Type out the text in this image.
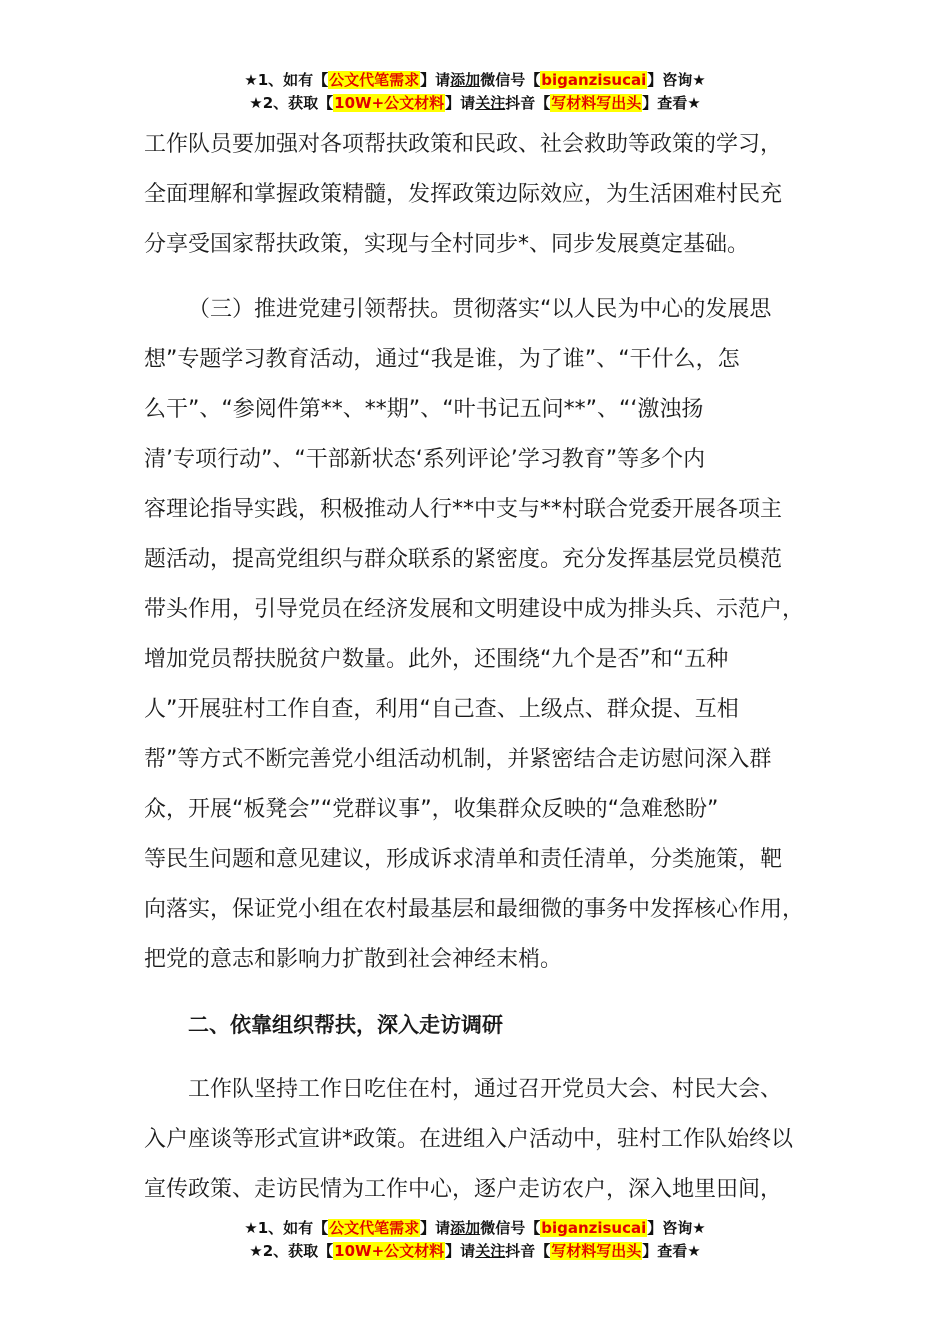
★1、如有【公文代笔需求】请添加微信号【biganzisucai】咨询★
★2、获取【10W+公文材料】请关注抖音【写材料写出头】查看★
工作队员要加强对各项帮扶政策和民政、社会救助等政策的学习，
全面理解和掌握政策精髓，发挥政策边际效应，为生活困难村民充
分享受国家帮扶政策，实现与全村同步*、同步发展奠定基础。
（三）推进党建引领帮扶。贯彻落实“以人民为中心的发展思
想”专题学习教育活动，通过“我是谁，为了谁”、“干什么，怎
么干”、“参阅件第**、**期”、“叶书记五问**”、“‘激浊扬
清’专项行动”、“干部新状态‘系列评论’学习教育”等多个内
容理论指导实践，积极推动人行**中支与**村联合党委开展各项主
题活动，提高党组织与群众联系的紧密度。充分发挥基层党员模范
带头作用，引导党员在经济发展和文明建设中成为排头兵、示范户，
增加党员帮扶脱贫户数量。此外，还围绕“九个是否”和“五种
人”开展驻村工作自查，利用“自己查、上级点、群众提、互相
帮”等方式不断完善党小组活动机制，并紧密结合走访慰问深入群
众，开展“板凳会”“党群议事”，收集群众反映的“急难愁盼”
等民生问题和意见建议，形成诉求清单和责任清单，分类施策，靶
向落实，保证党小组在农村最基层和最细微的事务中发挥核心作用，
把党的意志和影响力扩散到社会神经末梢。
二、依靠组织帮扶，深入走访调研
工作队坚持工作日吃住在村，通过召开党员大会、村民大会、
入户座谈等形式宣讲*政策。在进组入户活动中，驻村工作队始终以
宣传政策、走访民情为工作中心，逐户走访农户，深入地里田间，
★1、如有【公文代笔需求】请添加微信号【biganzisucai】咨询★
★2、获取【10W+公文材料】请关注抖音【写材料写出头】查看★
